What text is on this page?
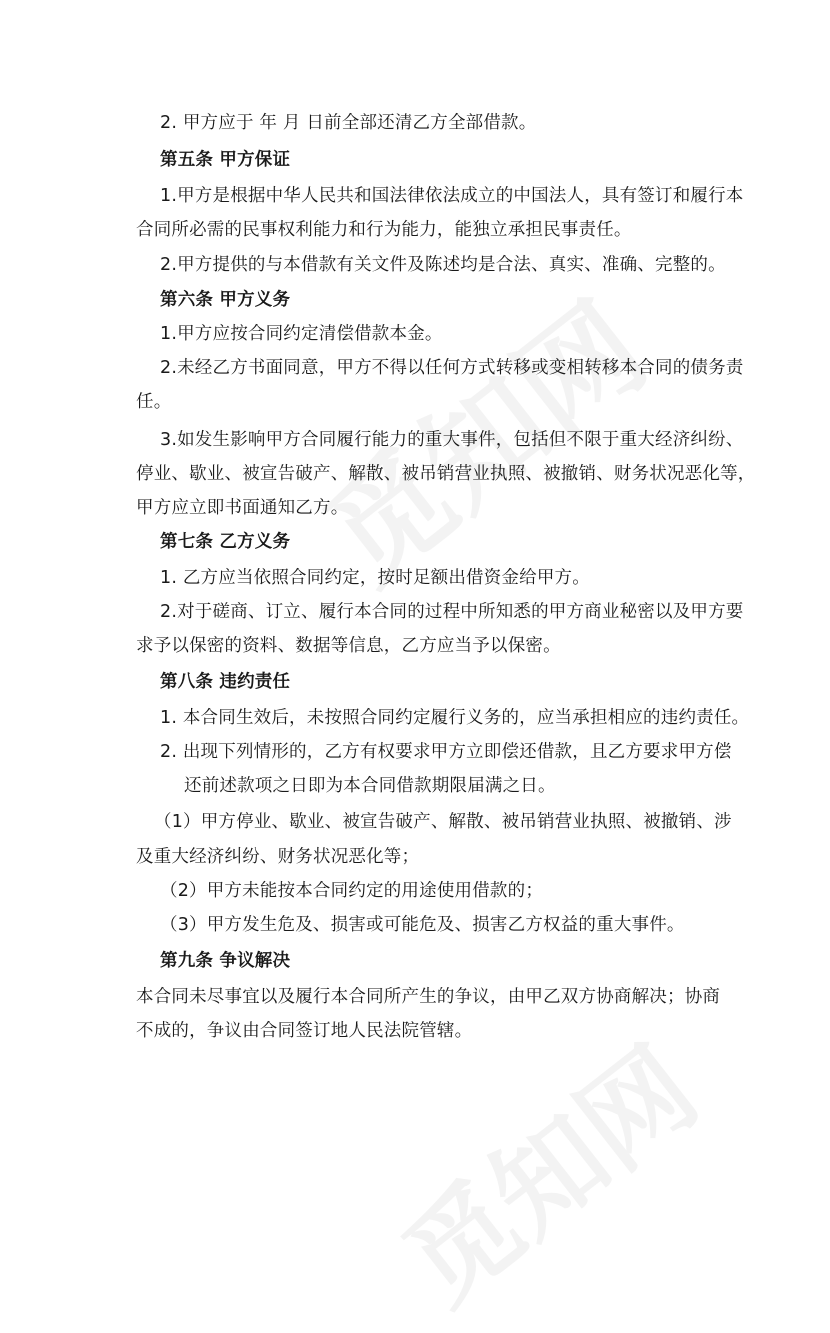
2. 甲方应于 年 月 日前全部还清乙方全部借款。
第五条 甲方保证
1.甲方是根据中华人民共和国法律依法成立的中国法人，具有签订和履行本
合同所必需的民事权利能力和行为能力，能独立承担民事责任。
2.甲方提供的与本借款有关文件及陈述均是合法、真实、准确、完整的。
第六条 甲方义务
1.甲方应按合同约定清偿借款本金。
2.未经乙方书面同意，甲方不得以任何方式转移或变相转移本合同的债务责
任。
3.如发生影响甲方合同履行能力的重大事件，包括但不限于重大经济纠纷、
停业、歇业、被宣告破产、解散、被吊销营业执照、被撤销、财务状况恶化等，
甲方应立即书面通知乙方。
第七条 乙方义务
1. 乙方应当依照合同约定，按时足额出借资金给甲方。
2.对于磋商、订立、履行本合同的过程中所知悉的甲方商业秘密以及甲方要
求予以保密的资料、数据等信息，乙方应当予以保密。
第八条 违约责任
1. 本合同生效后，未按照合同约定履行义务的，应当承担相应的违约责任。
2. 出现下列情形的，乙方有权要求甲方立即偿还借款，且乙方要求甲方偿
还前述款项之日即为本合同借款期限届满之日。
（1）甲方停业、歇业、被宣告破产、解散、被吊销营业执照、被撤销、涉
及重大经济纠纷、财务状况恶化等；
（2）甲方未能按本合同约定的用途使用借款的；
（3）甲方发生危及、损害或可能危及、损害乙方权益的重大事件。
第九条 争议解决
本合同未尽事宜以及履行本合同所产生的争议，由甲乙双方协商解决；协商
不成的，争议由合同签订地人民法院管辖。
